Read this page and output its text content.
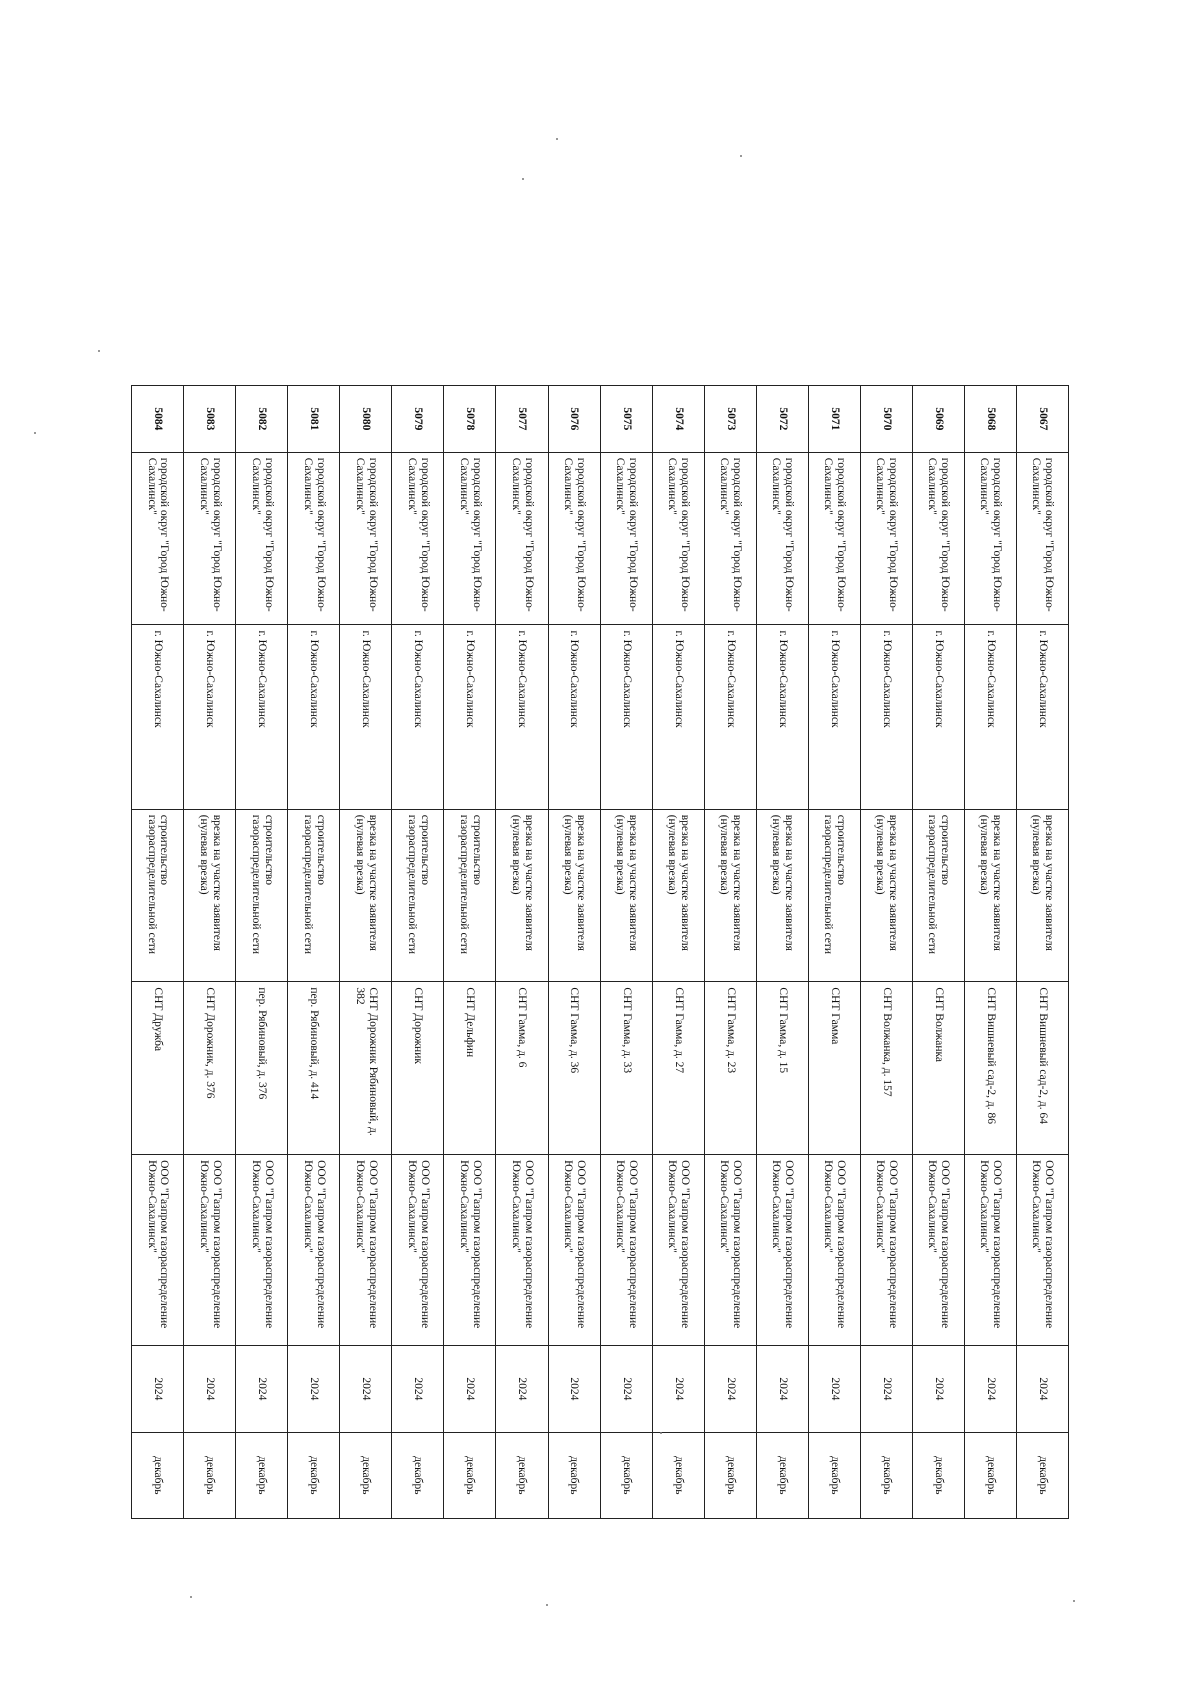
5067	городской округ "Город Южно-Сахалинск"	г. Южно-Сахалинск	врезка на участке заявителя (нулевая врезка)	СНТ Вишневый сад-2, д. 64	ООО "Газпром газораспределение Южно-Сахалинск"	2024	декабрь
5068	городской округ "Город Южно-Сахалинск"	г. Южно-Сахалинск	врезка на участке заявителя (нулевая врезка)	СНТ Вишневый сад-2, д. 86	ООО "Газпром газораспределение Южно-Сахалинск"	2024	декабрь
5069	городской округ "Город Южно-Сахалинск"	г. Южно-Сахалинск	строительство газораспределительной сети	СНТ Волжанка	ООО "Газпром газораспределение Южно-Сахалинск"	2024	декабрь
5070	городской округ "Город Южно-Сахалинск"	г. Южно-Сахалинск	врезка на участке заявителя (нулевая врезка)	СНТ Волжанка, д. 157	ООО "Газпром газораспределение Южно-Сахалинск"	2024	декабрь
5071	городской округ "Город Южно-Сахалинск"	г. Южно-Сахалинск	строительство газораспределительной сети	СНТ Гамма	ООО "Газпром газораспределение Южно-Сахалинск"	2024	декабрь
5072	городской округ "Город Южно-Сахалинск"	г. Южно-Сахалинск	врезка на участке заявителя (нулевая врезка)	СНТ Гамма, д. 15	ООО "Газпром газораспределение Южно-Сахалинск"	2024	декабрь
5073	городской округ "Город Южно-Сахалинск"	г. Южно-Сахалинск	врезка на участке заявителя (нулевая врезка)	СНТ Гамма, д. 23	ООО "Газпром газораспределение Южно-Сахалинск"	2024	декабрь
5074	городской округ "Город Южно-Сахалинск"	г. Южно-Сахалинск	врезка на участке заявителя (нулевая врезка)	СНТ Гамма, д. 27	ООО "Газпром газораспределение Южно-Сахалинск"	2024	декабрь
5075	городской округ "Город Южно-Сахалинск"	г. Южно-Сахалинск	врезка на участке заявителя (нулевая врезка)	СНТ Гамма, д. 33	ООО "Газпром газораспределение Южно-Сахалинск"	2024	декабрь
5076	городской округ "Город Южно-Сахалинск"	г. Южно-Сахалинск	врезка на участке заявителя (нулевая врезка)	СНТ Гамма, д. 36	ООО "Газпром газораспределение Южно-Сахалинск"	2024	декабрь
5077	городской округ "Город Южно-Сахалинск"	г. Южно-Сахалинск	врезка на участке заявителя (нулевая врезка)	СНТ Гамма, д. 6	ООО "Газпром газораспределение Южно-Сахалинск"	2024	декабрь
5078	городской округ "Город Южно-Сахалинск"	г. Южно-Сахалинск	строительство газораспределительной сети	СНТ Дельфин	ООО "Газпром газораспределение Южно-Сахалинск"	2024	декабрь
5079	городской округ "Город Южно-Сахалинск"	г. Южно-Сахалинск	строительство газораспределительной сети	СНТ Дорожник	ООО "Газпром газораспределение Южно-Сахалинск"	2024	декабрь
5080	городской округ "Город Южно-Сахалинск"	г. Южно-Сахалинск	врезка на участке заявителя (нулевая врезка)	СНТ Дорожник Рябиновый, д. 382	ООО "Газпром газораспределение Южно-Сахалинск"	2024	декабрь
5081	городской округ "Город Южно-Сахалинск"	г. Южно-Сахалинск	строительство газораспределительной сети	пер. Рябиновый, д. 414	ООО "Газпром газораспределение Южно-Сахалинск"	2024	декабрь
5082	городской округ "Город Южно-Сахалинск"	г. Южно-Сахалинск	строительство газораспределительной сети	пер. Рябиновый, д. 376	ООО "Газпром газораспределение Южно-Сахалинск"	2024	декабрь
5083	городской округ "Город Южно-Сахалинск"	г. Южно-Сахалинск	врезка на участке заявителя (нулевая врезка)	СНТ Дорожник, д. 376	ООО "Газпром газораспределение Южно-Сахалинск"	2024	декабрь
5084	городской округ "Город Южно-Сахалинск"	г. Южно-Сахалинск	строительство газораспределительной сети	СНТ Дружба	ООО "Газпром газораспределение Южно-Сахалинск"	2024	декабрь
